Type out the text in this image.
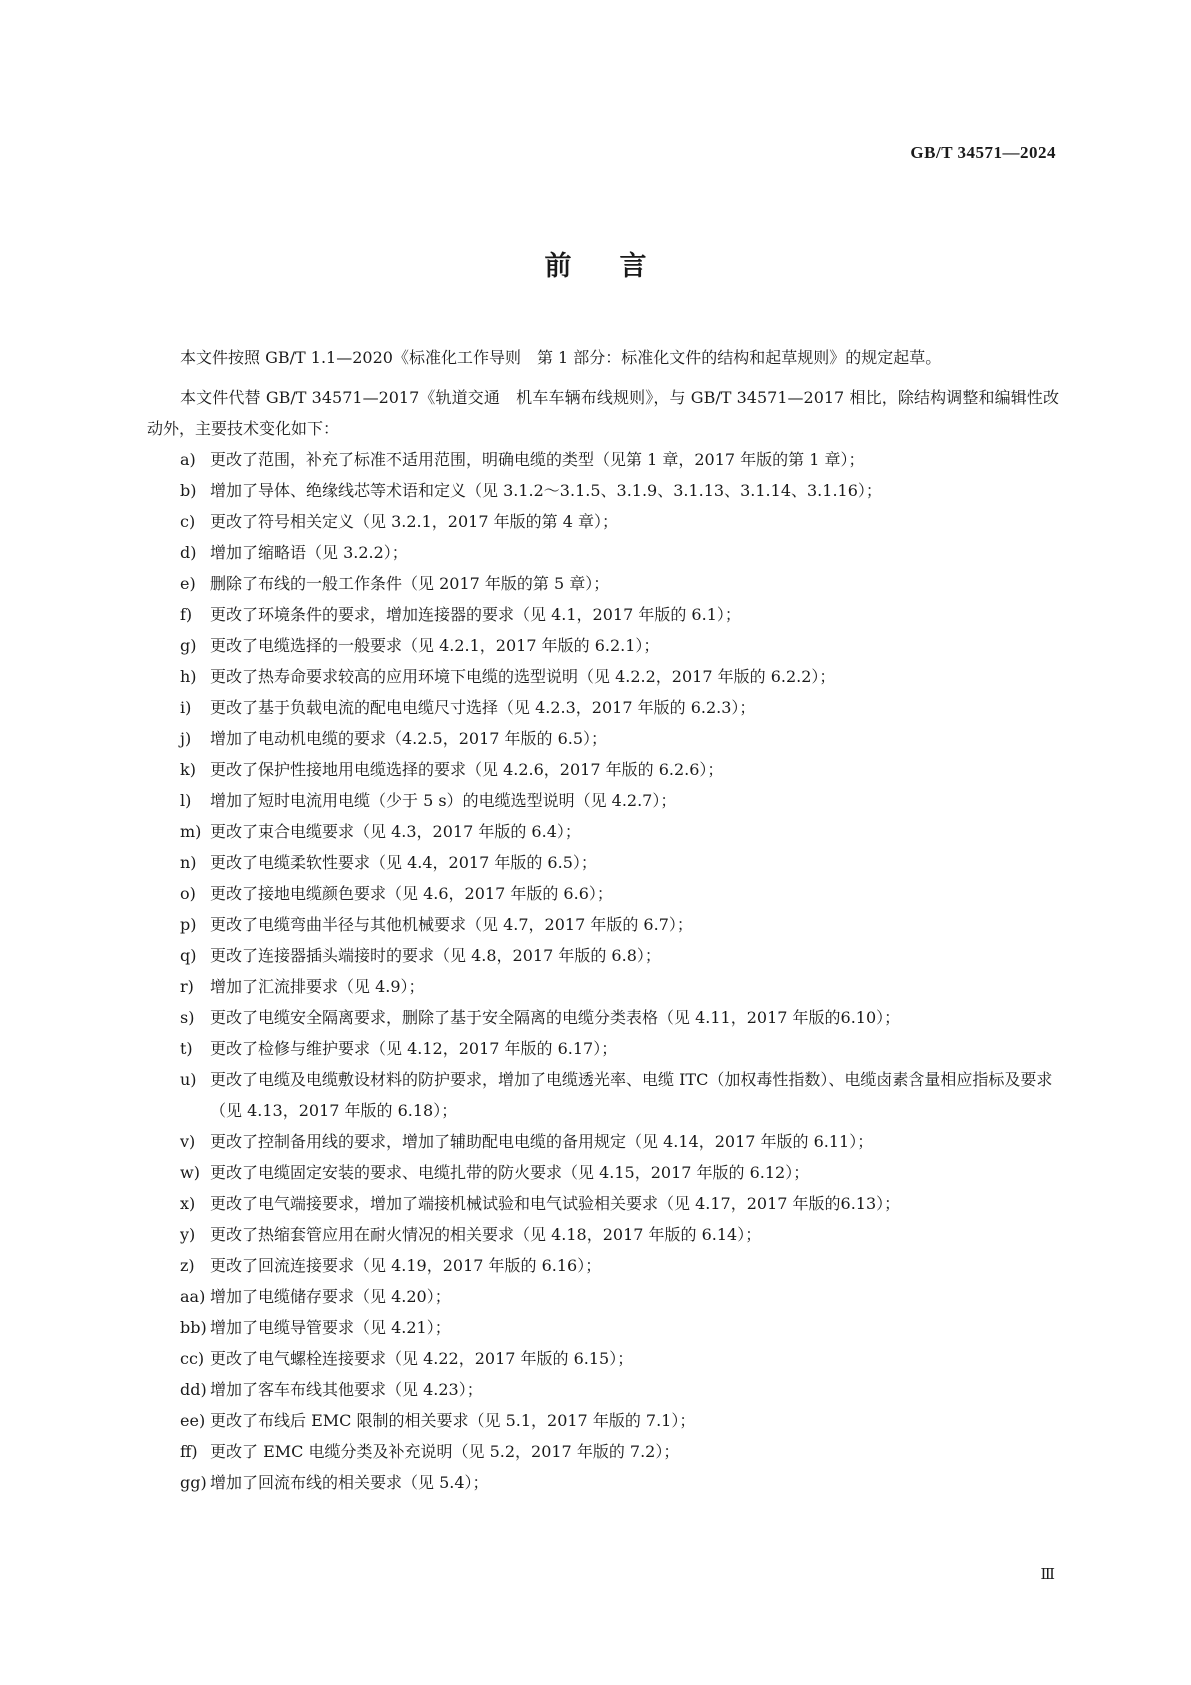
GB/T 34571—2024
前言

本文件按照 GB/T 1.1—2020《标准化工作导则　第 1 部分：标准化文件的结构和起草规则》的规定起草。

本文件代替 GB/T 34571—2017《轨道交通　机车车辆布线规则》，与 GB/T 34571—2017 相比，除结构调整和编辑性改动外，主要技术变化如下：

a) 更改了范围，补充了标准不适用范围，明确电缆的类型（见第 1 章，2017 年版的第 1 章）；
b) 增加了导体、绝缘线芯等术语和定义（见 3.1.2～3.1.5、3.1.9、3.1.13、3.1.14、3.1.16）；
c) 更改了符号相关定义（见 3.2.1，2017 年版的第 4 章）；
d) 增加了缩略语（见 3.2.2）；
e) 删除了布线的一般工作条件（见 2017 年版的第 5 章）；
f) 更改了环境条件的要求，增加连接器的要求（见 4.1，2017 年版的 6.1）；
g) 更改了电缆选择的一般要求（见 4.2.1，2017 年版的 6.2.1）；
h) 更改了热寿命要求较高的应用环境下电缆的选型说明（见 4.2.2，2017 年版的 6.2.2）；
i) 更改了基于负载电流的配电电缆尺寸选择（见 4.2.3，2017 年版的 6.2.3）；
j) 增加了电动机电缆的要求（4.2.5，2017 年版的 6.5）；
k) 更改了保护性接地用电缆选择的要求（见 4.2.6，2017 年版的 6.2.6）；
l) 增加了短时电流用电缆（少于 5 s）的电缆选型说明（见 4.2.7）；
m) 更改了束合电缆要求（见 4.3，2017 年版的 6.4）；
n) 更改了电缆柔软性要求（见 4.4，2017 年版的 6.5）；
o) 更改了接地电缆颜色要求（见 4.6，2017 年版的 6.6）；
p) 更改了电缆弯曲半径与其他机械要求（见 4.7，2017 年版的 6.7）；
q) 更改了连接器插头端接时的要求（见 4.8，2017 年版的 6.8）；
r) 增加了汇流排要求（见 4.9）；
s) 更改了电缆安全隔离要求，删除了基于安全隔离的电缆分类表格（见 4.11，2017 年版的6.10）；
t) 更改了检修与维护要求（见 4.12，2017 年版的 6.17）；
u) 更改了电缆及电缆敷设材料的防护要求，增加了电缆透光率、电缆 ITC（加权毒性指数）、电缆卤素含量相应指标及要求（见 4.13，2017 年版的 6.18）；
v) 更改了控制备用线的要求，增加了辅助配电电缆的备用规定（见 4.14，2017 年版的 6.11）；
w) 更改了电缆固定安装的要求、电缆扎带的防火要求（见 4.15，2017 年版的 6.12）；
x) 更改了电气端接要求，增加了端接机械试验和电气试验相关要求（见 4.17，2017 年版的6.13）；
y) 更改了热缩套管应用在耐火情况的相关要求（见 4.18，2017 年版的 6.14）；
z) 更改了回流连接要求（见 4.19，2017 年版的 6.16）；
aa) 增加了电缆储存要求（见 4.20）；
bb) 增加了电缆导管要求（见 4.21）；
cc) 更改了电气螺栓连接要求（见 4.22，2017 年版的 6.15）；
dd) 增加了客车布线其他要求（见 4.23）；
ee) 更改了布线后 EMC 限制的相关要求（见 5.1，2017 年版的 7.1）；
ff) 更改了 EMC 电缆分类及补充说明（见 5.2，2017 年版的 7.2）；
gg) 增加了回流布线的相关要求（见 5.4）；
Ⅲ
